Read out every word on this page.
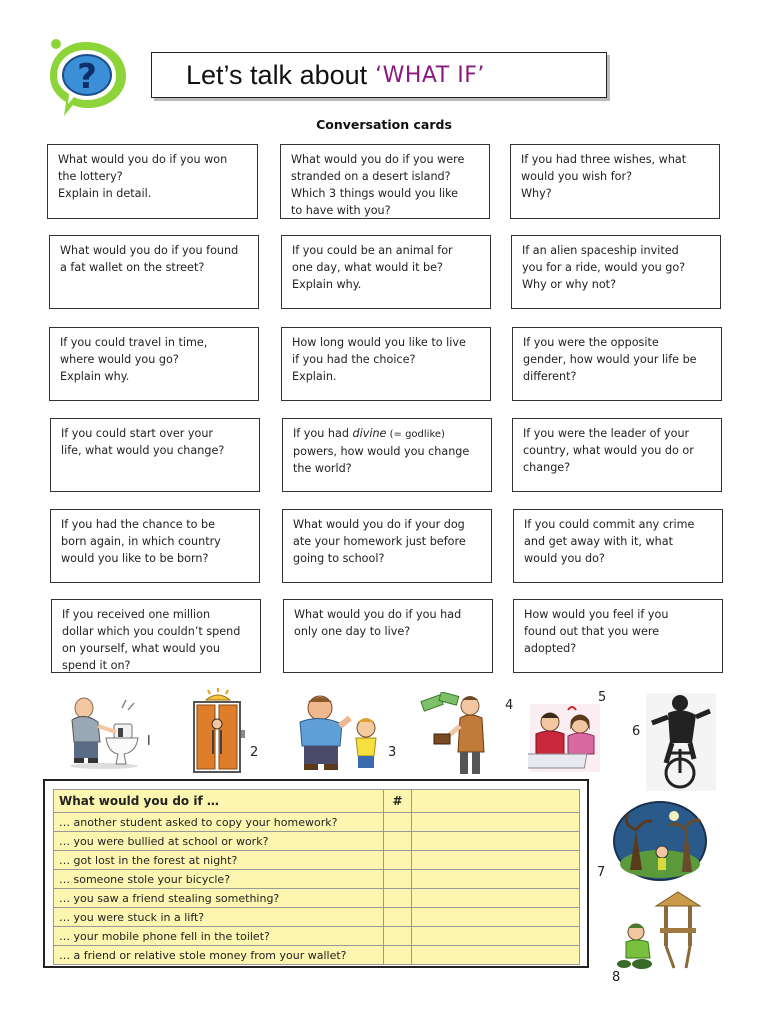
?	Let’s talk about ‘WHAT IF’
Conversation cards
What would you do if you won
the lottery?
Explain in detail.
What would you do if you were
stranded on a desert island?
Which 3 things would you like
to have with you?
If you had three wishes, what
would you wish for?
Why?
What would you do if you found
a fat wallet on the street?
If you could be an animal for
one day, what would it be?
Explain why.
If an alien spaceship invited
you for a ride, would you go?
Why or why not?
If you could travel in time,
where would you go?
Explain why.
How long would you like to live
if you had the choice?
Explain.
If you were the opposite
gender, how would your life be
different?
If you could start over your
life, what would you change?
If you had divine (= godlike)
powers, how would you change
the world?
If you were the leader of your
country, what would you do or
change?
If you had the chance to be
born again, in which country
would you like to be born?
What would you do if your dog
ate your homework just before
going to school?
If you could commit any crime
and get away with it, what
would you do?
If you received one million
dollar which you couldn’t spend
on yourself, what would you
spend it on?
What would you do if you had
only one day to live?
How would you feel if you
found out that you were
adopted?
l
2	3
4
5
6
7
8
What would you do if …	#	
… another student asked to copy your homework?		
… you were bullied at school or work?		
… got lost in the forest at night?		
… someone stole your bicycle?		
… you saw a friend stealing something?		
… you were stuck in a lift?		
… your mobile phone fell in the toilet?		
… a friend or relative stole money from your wallet?		
